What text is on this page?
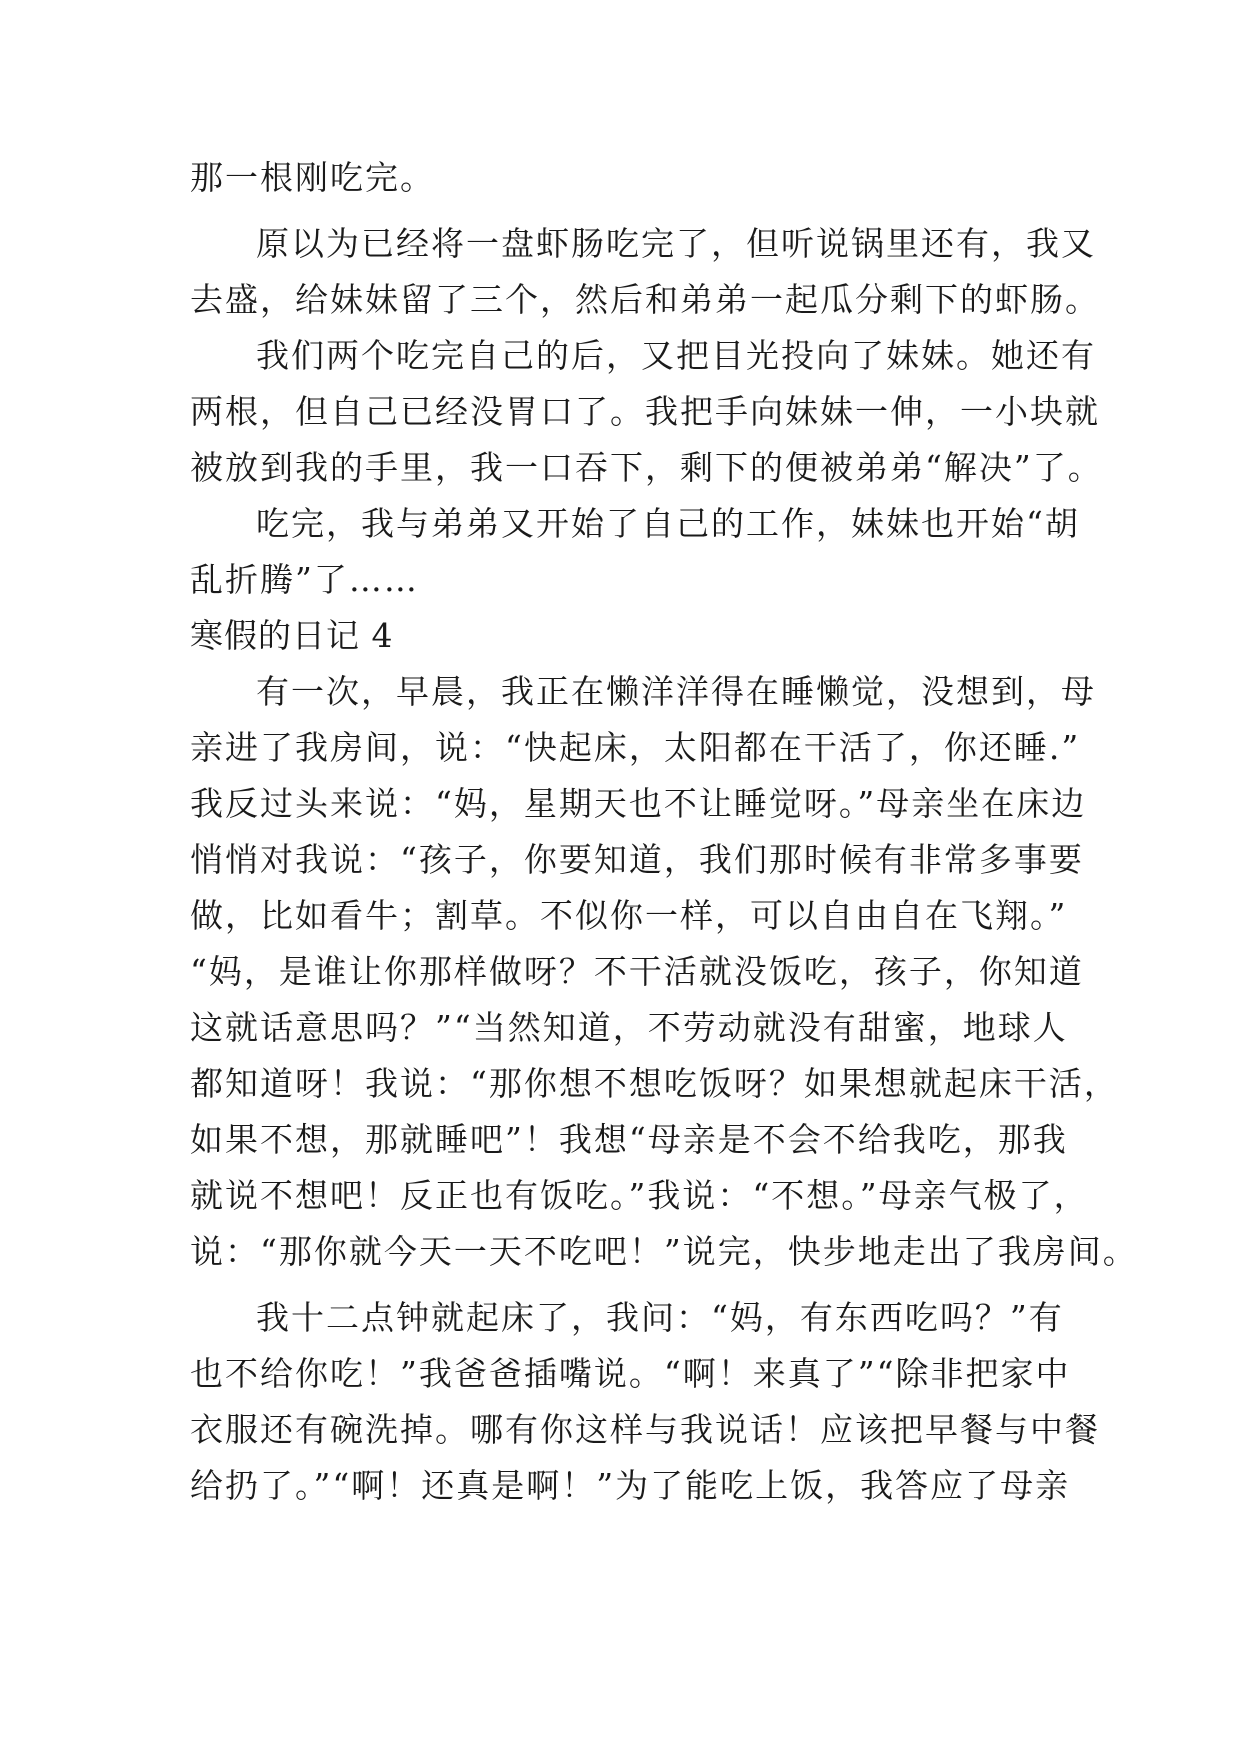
那一根刚吃完。
原以为已经将一盘虾肠吃完了，但听说锅里还有，我又
去盛，给妹妹留了三个，然后和弟弟一起瓜分剩下的虾肠。
我们两个吃完自己的后，又把目光投向了妹妹。她还有
两根，但自己已经没胃口了。我把手向妹妹一伸，一小块就
被放到我的手里，我一口吞下，剩下的便被弟弟“解决”了。
吃完，我与弟弟又开始了自己的工作，妹妹也开始“胡
乱折腾”了……
寒假的日记 4
有一次，早晨，我正在懒洋洋得在睡懒觉，没想到，母
亲进了我房间，说：“快起床，太阳都在干活了，你还睡.”
我反过头来说：“妈，星期天也不让睡觉呀。”母亲坐在床边
悄悄对我说：“孩子，你要知道，我们那时候有非常多事要
做，比如看牛；割草。不似你一样，可以自由自在飞翔。”
“妈，是谁让你那样做呀？不干活就没饭吃，孩子，你知道
这就话意思吗？”“当然知道，不劳动就没有甜蜜，地球人
都知道呀！我说：“那你想不想吃饭呀？如果想就起床干活，
如果不想，那就睡吧”！我想“母亲是不会不给我吃，那我
就说不想吧！反正也有饭吃。”我说：“不想。”母亲气极了，
说：“那你就今天一天不吃吧！”说完，快步地走出了我房间。
我十二点钟就起床了，我问：“妈，有东西吃吗？”有
也不给你吃！”我爸爸插嘴说。“啊！来真了”“除非把家中
衣服还有碗洗掉。哪有你这样与我说话！应该把早餐与中餐
给扔了。”“啊！还真是啊！”为了能吃上饭，我答应了母亲
